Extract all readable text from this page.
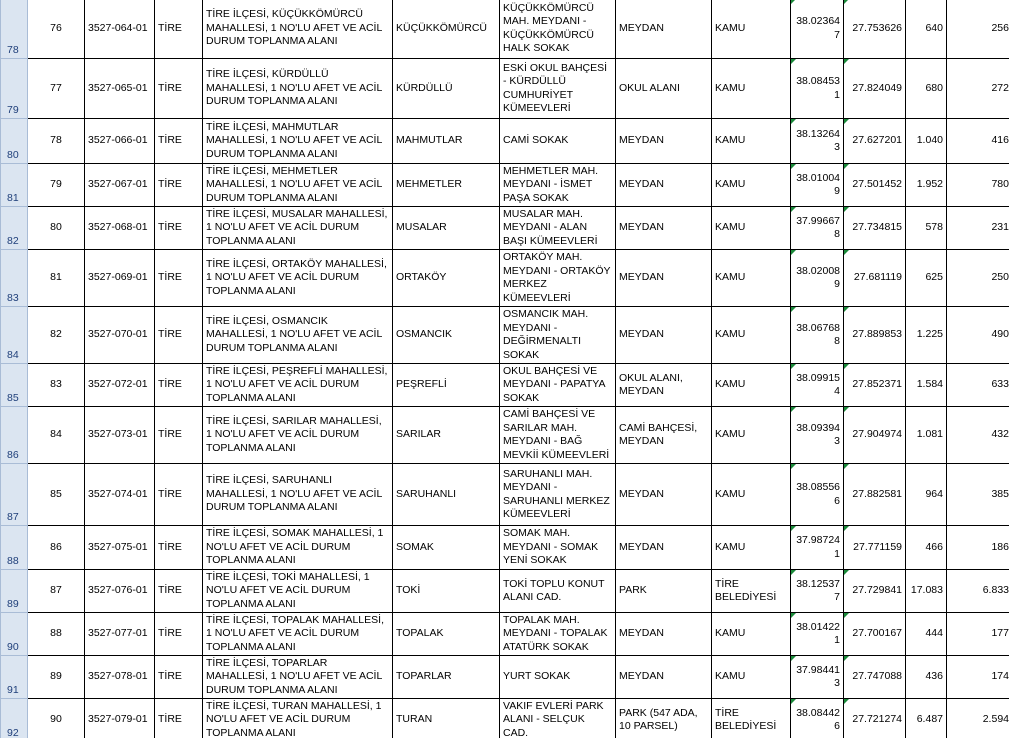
78	76	3527-064-01	TİRE	TİRE İLÇESİ, KÜÇÜKKÖMÜRCÜ MAHALLESİ, 1 NO'LU AFET VE ACİL DURUM TOPLANMA ALANI	KÜÇÜKKÖMÜRCÜ	KÜÇÜKKÖMÜRCÜ MAH. MEYDANI - KÜÇÜKKÖMÜRCÜ HALK SOKAK	MEYDAN	KAMU	38.023647	27.753626	640	256
79	77	3527-065-01	TİRE	TİRE İLÇESİ, KÜRDÜLLÜ MAHALLESİ, 1 NO'LU AFET VE ACİL DURUM TOPLANMA ALANI	KÜRDÜLLÜ	ESKİ OKUL BAHÇESİ - KÜRDÜLLÜ CUMHURİYET KÜMEEVLERİ	OKUL ALANI	KAMU	38.084531	27.824049	680	272
80	78	3527-066-01	TİRE	TİRE İLÇESİ, MAHMUTLAR MAHALLESİ, 1 NO'LU AFET VE ACİL DURUM TOPLANMA ALANI	MAHMUTLAR	CAMİ SOKAK	MEYDAN	KAMU	38.132643	27.627201	1.040	416
81	79	3527-067-01	TİRE	TİRE İLÇESİ, MEHMETLER MAHALLESİ, 1 NO'LU AFET VE ACİL DURUM TOPLANMA ALANI	MEHMETLER	MEHMETLER MAH. MEYDANI - İSMET PAŞA SOKAK	MEYDAN	KAMU	38.010049	27.501452	1.952	780
82	80	3527-068-01	TİRE	TİRE İLÇESİ, MUSALAR MAHALLESİ, 1 NO'LU AFET VE ACİL DURUM TOPLANMA ALANI	MUSALAR	MUSALAR MAH. MEYDANI - ALAN BAŞI KÜMEEVLERİ	MEYDAN	KAMU	37.996678	27.734815	578	231
83	81	3527-069-01	TİRE	TİRE İLÇESİ, ORTAKÖY MAHALLESİ, 1 NO'LU AFET VE ACİL DURUM TOPLANMA ALANI	ORTAKÖY	ORTAKÖY MAH. MEYDANI - ORTAKÖY MERKEZ KÜMEEVLERİ	MEYDAN	KAMU	38.020089	27.681119	625	250
84	82	3527-070-01	TİRE	TİRE İLÇESİ, OSMANCIK MAHALLESİ, 1 NO'LU AFET VE ACİL DURUM TOPLANMA ALANI	OSMANCIK	OSMANCIK MAH. MEYDANI - DEĞİRMENALTI SOKAK	MEYDAN	KAMU	38.067688	27.889853	1.225	490
85	83	3527-072-01	TİRE	TİRE İLÇESİ, PEŞREFLİ MAHALLESİ, 1 NO'LU AFET VE ACİL DURUM TOPLANMA ALANI	PEŞREFLİ	OKUL BAHÇESİ VE MEYDANI - PAPATYA SOKAK	OKUL ALANI, MEYDAN	KAMU	38.099154	27.852371	1.584	633
86	84	3527-073-01	TİRE	TİRE İLÇESİ, SARILAR MAHALLESİ, 1 NO'LU AFET VE ACİL DURUM TOPLANMA ALANI	SARILAR	CAMİ BAHÇESİ VE SARILAR MAH. MEYDANI - BAĞ MEVKİİ KÜMEEVLERİ	CAMİ BAHÇESİ, MEYDAN	KAMU	38.093943	27.904974	1.081	432
87	85	3527-074-01	TİRE	TİRE İLÇESİ, SARUHANLI MAHALLESİ, 1 NO'LU AFET VE ACİL DURUM TOPLANMA ALANI	SARUHANLI	SARUHANLI MAH. MEYDANI - SARUHANLI MERKEZ KÜMEEVLERİ	MEYDAN	KAMU	38.085566	27.882581	964	385
88	86	3527-075-01	TİRE	TİRE İLÇESİ, SOMAK MAHALLESİ, 1 NO'LU AFET VE ACİL DURUM TOPLANMA ALANI	SOMAK	SOMAK MAH. MEYDANI - SOMAK YENİ SOKAK	MEYDAN	KAMU	37.987241	27.771159	466	186
89	87	3527-076-01	TİRE	TİRE İLÇESİ, TOKİ MAHALLESİ, 1 NO'LU AFET VE ACİL DURUM TOPLANMA ALANI	TOKİ	TOKİ TOPLU KONUT ALANI CAD.	PARK	TİRE BELEDİYESİ	38.125377	27.729841	17.083	6.833
90	88	3527-077-01	TİRE	TİRE İLÇESİ, TOPALAK MAHALLESİ, 1 NO'LU AFET VE ACİL DURUM TOPLANMA ALANI	TOPALAK	TOPALAK MAH. MEYDANI - TOPALAK ATATÜRK SOKAK	MEYDAN	KAMU	38.014221	27.700167	444	177
91	89	3527-078-01	TİRE	TİRE İLÇESİ, TOPARLAR MAHALLESİ, 1 NO'LU AFET VE ACİL DURUM TOPLANMA ALANI	TOPARLAR	YURT SOKAK	MEYDAN	KAMU	37.984413	27.747088	436	174
92	90	3527-079-01	TİRE	TİRE İLÇESİ, TURAN MAHALLESİ, 1 NO'LU AFET VE ACİL DURUM TOPLANMA ALANI	TURAN	VAKIF EVLERİ PARK ALANI - SELÇUK CAD.	PARK (547 ADA, 10 PARSEL)	TİRE BELEDİYESİ	38.084426	27.721274	6.487	2.594
